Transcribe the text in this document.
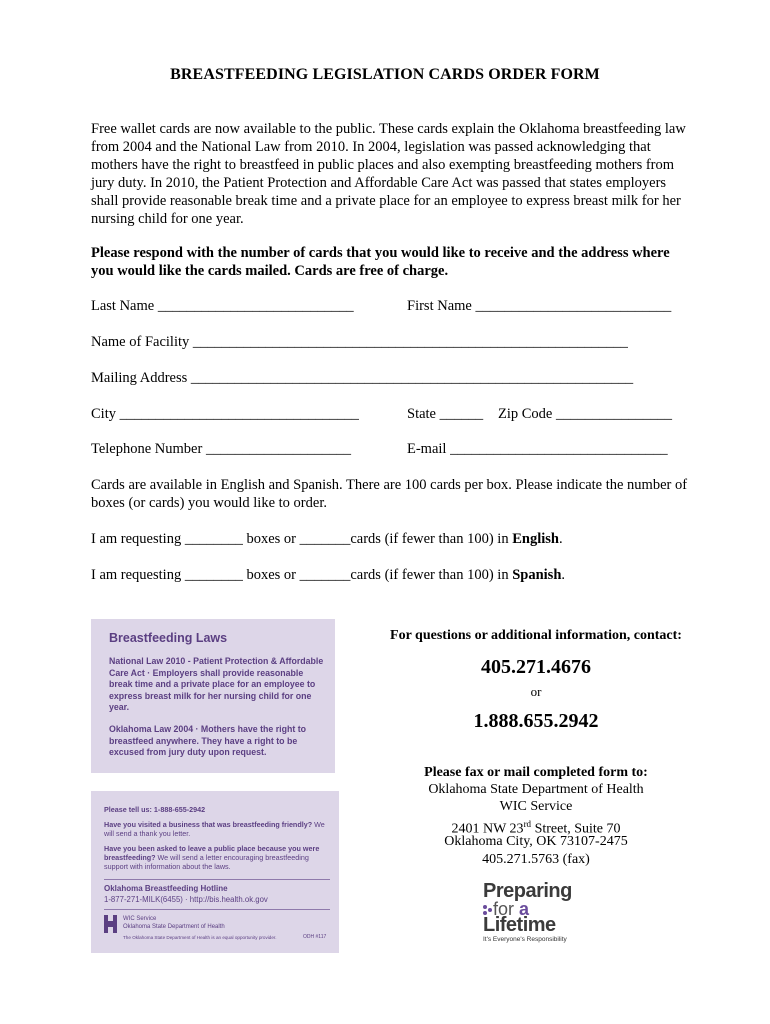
BREASTFEEDING LEGISLATION CARDS ORDER FORM
Free wallet cards are now available to the public. These cards explain the Oklahoma breastfeeding law from 2004 and the National Law from 2010. In 2004, legislation was passed acknowledging that mothers have the right to breastfeed in public places and also exempting breastfeeding mothers from jury duty. In 2010, the Patient Protection and Affordable Care Act was passed that states employers shall provide reasonable break time and a private place for an employee to express breast milk for her nursing child for one year.
Please respond with the number of cards that you would like to receive and the address where you would like the cards mailed. Cards are free of charge.
Last Name ___________________________	First Name ___________________________
Name of Facility ____________________________________________________________
Mailing Address _____________________________________________________________
City _________________________________	State ______ Zip Code ________________
Telephone Number ____________________	E-mail ______________________________
Cards are available in English and Spanish. There are 100 cards per box. Please indicate the number of boxes (or cards) you would like to order.
I am requesting ________ boxes or _______cards (if fewer than 100) in English.
I am requesting ________ boxes or _______cards (if fewer than 100) in Spanish.
Breastfeeding Laws
National Law 2010 - Patient Protection & Affordable Care Act · Employers shall provide reasonable break time and a private place for an employee to express breast milk for her nursing child for one year.
Oklahoma Law 2004 · Mothers have the right to breastfeed anywhere. They have a right to be excused from jury duty upon request.
Please tell us: 1-888-655-2942
Have you visited a business that was breastfeeding friendly? We will send a thank you letter.
Have you been asked to leave a public place because you were breastfeeding? We will send a letter encouraging breastfeeding support with information about the laws.
Oklahoma Breastfeeding Hotline
1-877-271-MILK(6455) · http://bis.health.ok.gov
WIC Service
Oklahoma State Department of Health
The Oklahoma State Department of Health is an equal opportunity provider.	ODH #117
For questions or additional information, contact:
405.271.4676
or
1.888.655.2942
Please fax or mail completed form to:
Oklahoma State Department of Health
WIC Service
2401 NW 23rd Street, Suite 70
Oklahoma City, OK 73107-2475
405.271.5763 (fax)
Preparing
for a
Lifetime
It's Everyone's Responsibility
